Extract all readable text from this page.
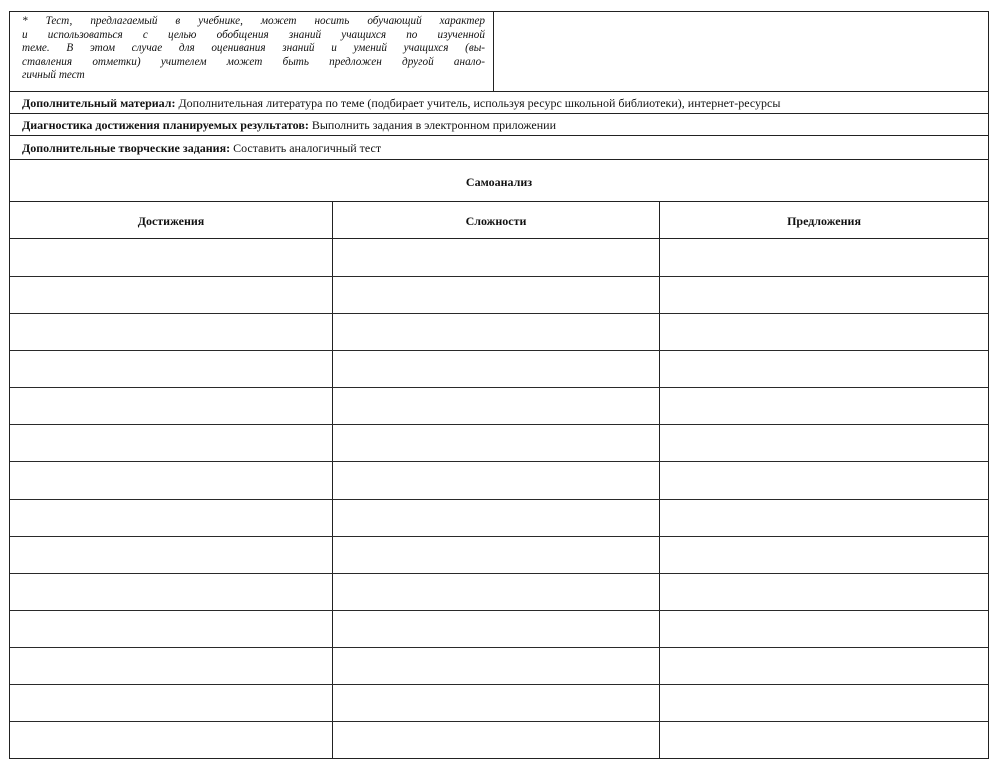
* Тест, предлагаемый в учебнике, может носить обучающий характер
и использоваться с целью обобщения знаний учащихся по изученной
теме. В этом случае для оценивания знаний и умений учащихся (вы-
ставления отметки) учителем может быть предложен другой анало-
гичный тест
Дополнительный материал: Дополнительная литература по теме (подбирает учитель, используя ресурс школьной библиотеки), интернет-ресурсы
Диагностика достижения планируемых результатов: Выполнить задания в электронном приложении
Дополнительные творческие задания: Составить аналогичный тест
Самоанализ
Достижения	Сложности	Предложения
